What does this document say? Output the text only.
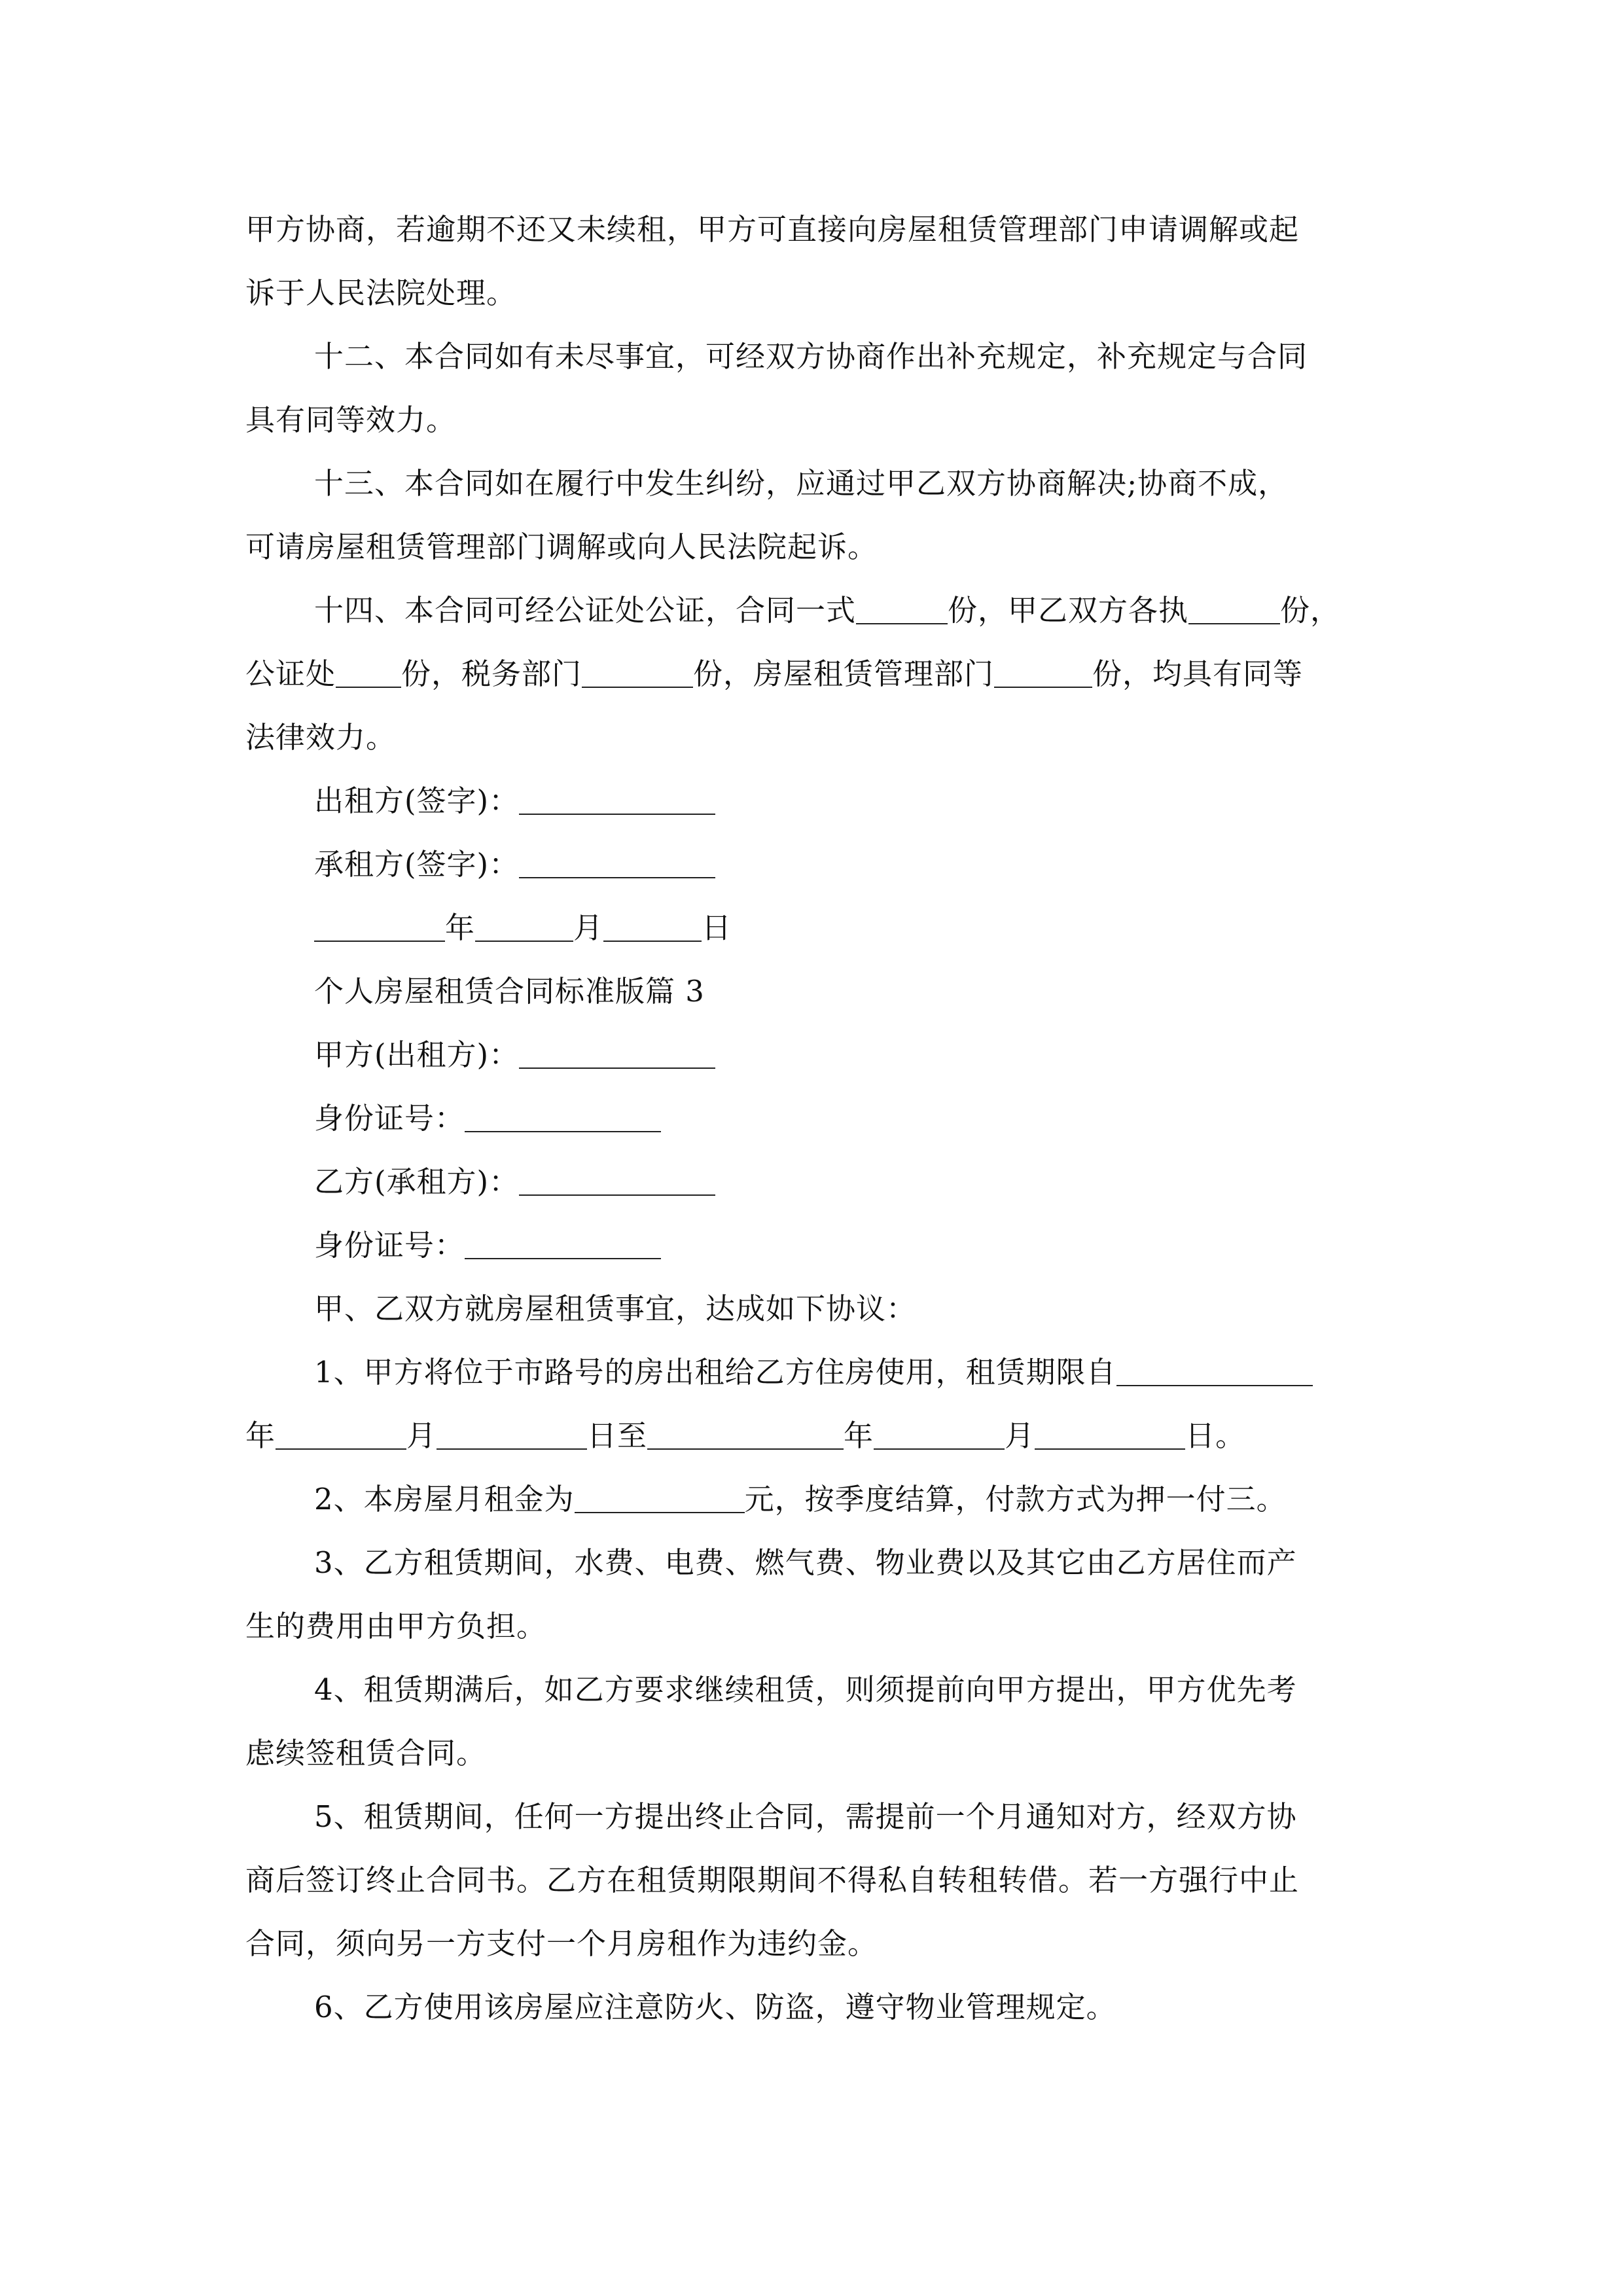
甲方协商，若逾期不还又未续租，甲方可直接向房屋租赁管理部门申请调解或起
诉于人民法院处理。
十二、本合同如有未尽事宜，可经双方协商作出补充规定，补充规定与合同
具有同等效力。
十三、本合同如在履行中发生纠纷，应通过甲乙双方协商解决;协商不成，
可请房屋租赁管理部门调解或向人民法院起诉。
十四、本合同可经公证处公证，合同一式	份，甲乙双方各执	份，
公证处 份，税务部门	份，房屋租赁管理部门	份，均具有同等
法律效力。
出租方(签字)：
承租方(签字)：
年	月	日
个人房屋租赁合同标准版篇 3
甲方(出租方)：
身份证号：
乙方(承租方)：
身份证号：
甲、乙双方就房屋租赁事宜，达成如下协议：
1、甲方将位于市路号的房出租给乙方住房使用，租赁期限自
年	月	日至	年	月	日。
2、本房屋月租金为	元，按季度结算，付款方式为押一付三。
3、乙方租赁期间，水费、电费、燃气费、物业费以及其它由乙方居住而产
生的费用由甲方负担。
4、租赁期满后，如乙方要求继续租赁，则须提前向甲方提出，甲方优先考
虑续签租赁合同。
5、租赁期间，任何一方提出终止合同，需提前一个月通知对方，经双方协
商后签订终止合同书。乙方在租赁期限期间不得私自转租转借。若一方强行中止
合同，须向另一方支付一个月房租作为违约金。
6、乙方使用该房屋应注意防火、防盗，遵守物业管理规定。
